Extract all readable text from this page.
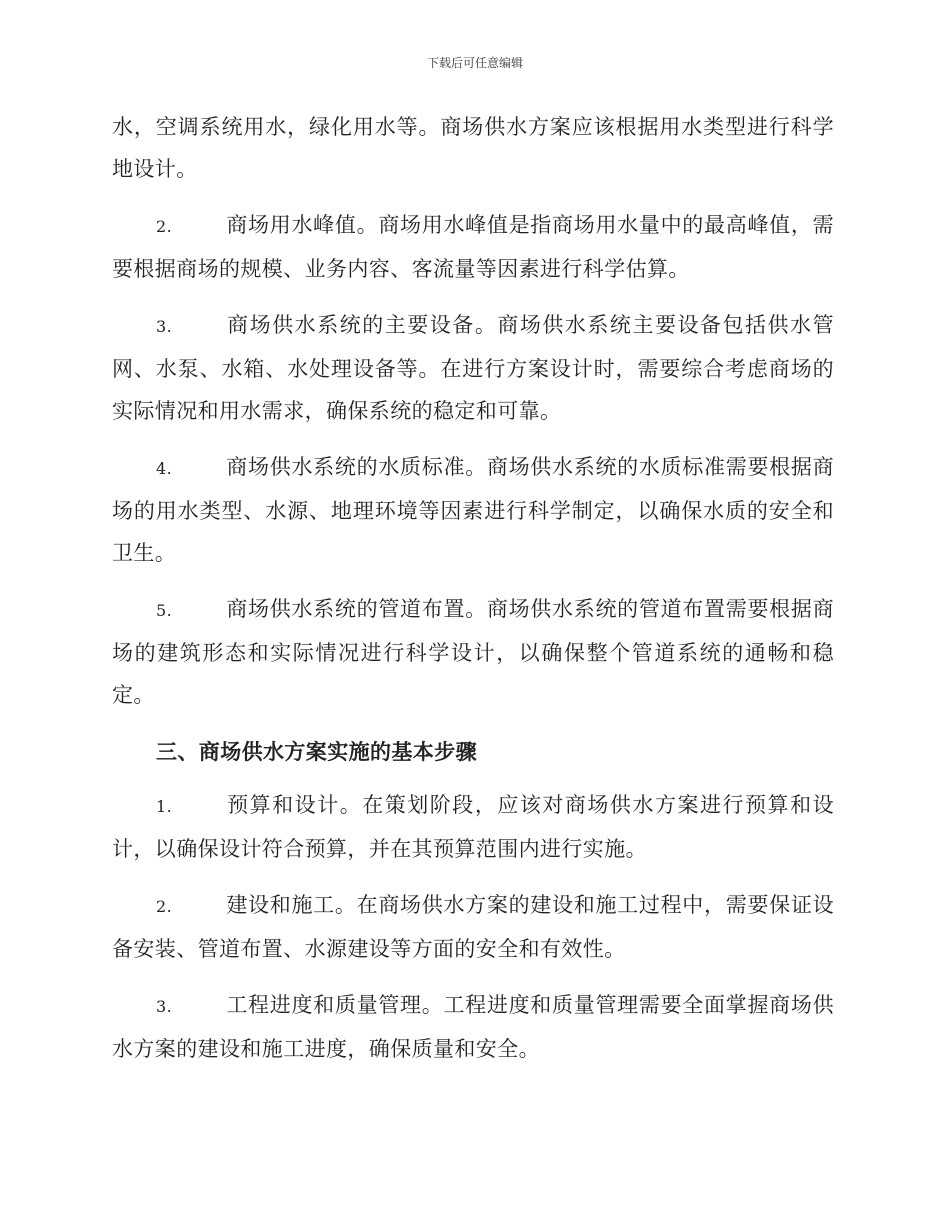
下载后可任意编辑

水，空调系统用水，绿化用水等。商场供水方案应该根据用水类型进行科学地设计。

2.	商场用水峰值。商场用水峰值是指商场用水量中的最高峰值，需要根据商场的规模、业务内容、客流量等因素进行科学估算。

3.	商场供水系统的主要设备。商场供水系统主要设备包括供水管网、水泵、水箱、水处理设备等。在进行方案设计时，需要综合考虑商场的实际情况和用水需求，确保系统的稳定和可靠。

4.	商场供水系统的水质标准。商场供水系统的水质标准需要根据商场的用水类型、水源、地理环境等因素进行科学制定，以确保水质的安全和卫生。

5.	商场供水系统的管道布置。商场供水系统的管道布置需要根据商场的建筑形态和实际情况进行科学设计，以确保整个管道系统的通畅和稳定。

三、商场供水方案实施的基本步骤

1.	预算和设计。在策划阶段，应该对商场供水方案进行预算和设计，以确保设计符合预算，并在其预算范围内进行实施。

2.	建设和施工。在商场供水方案的建设和施工过程中，需要保证设备安装、管道布置、水源建设等方面的安全和有效性。

3.	工程进度和质量管理。工程进度和质量管理需要全面掌握商场供水方案的建设和施工进度，确保质量和安全。
